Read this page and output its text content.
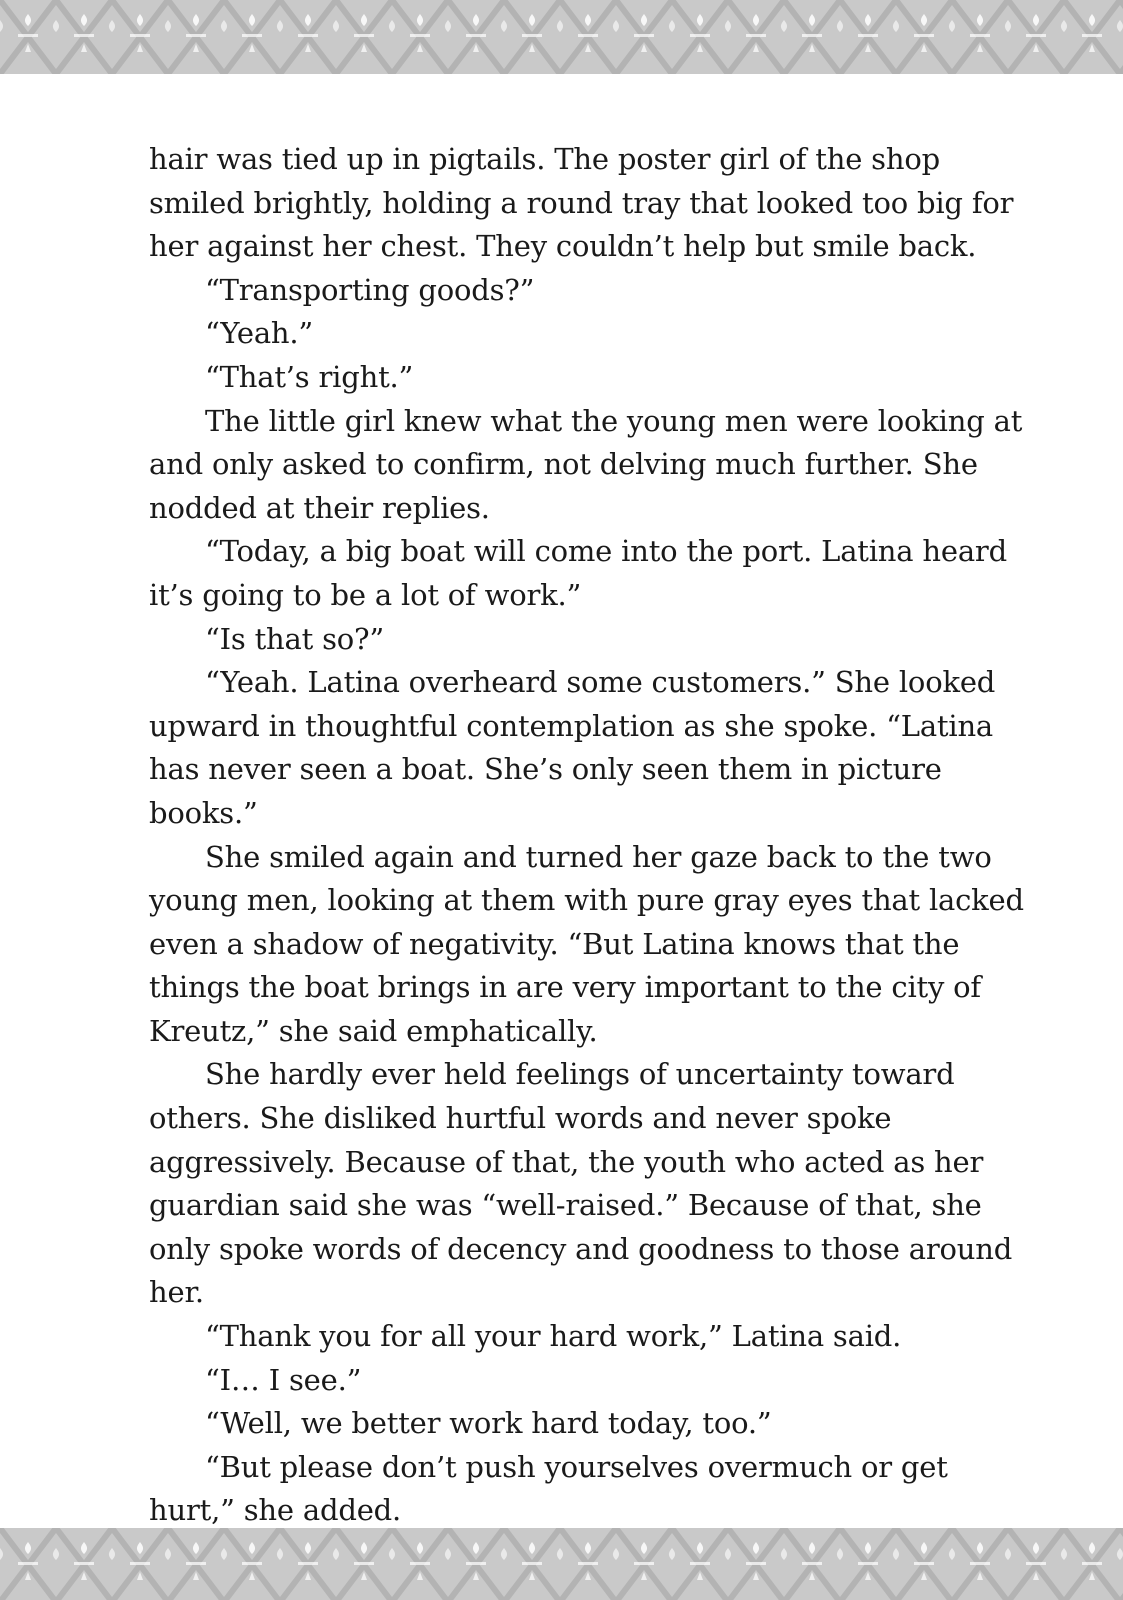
hair was tied up in pigtails. The poster girl of the shop smiled brightly, holding a round tray that looked too big for her against her chest. They couldn’t help but smile back.

“Transporting goods?”

“Yeah.”

“That’s right.”

The little girl knew what the young men were looking at and only asked to confirm, not delving much further. She nodded at their replies.

“Today, a big boat will come into the port. Latina heard it’s going to be a lot of work.”

“Is that so?”

“Yeah. Latina overheard some customers.” She looked upward in thoughtful contemplation as she spoke. “Latina has never seen a boat. She’s only seen them in picture books.”

She smiled again and turned her gaze back to the two young men, looking at them with pure gray eyes that lacked even a shadow of negativity. “But Latina knows that the things the boat brings in are very important to the city of Kreutz,” she said emphatically.

She hardly ever held feelings of uncertainty toward others. She disliked hurtful words and never spoke aggressively. Because of that, the youth who acted as her guardian said she was “well-raised.” Because of that, she only spoke words of decency and goodness to those around her.

“Thank you for all your hard work,” Latina said.

“I… I see.”

“Well, we better work hard today, too.”

“But please don’t push yourselves overmuch or get hurt,” she added.
